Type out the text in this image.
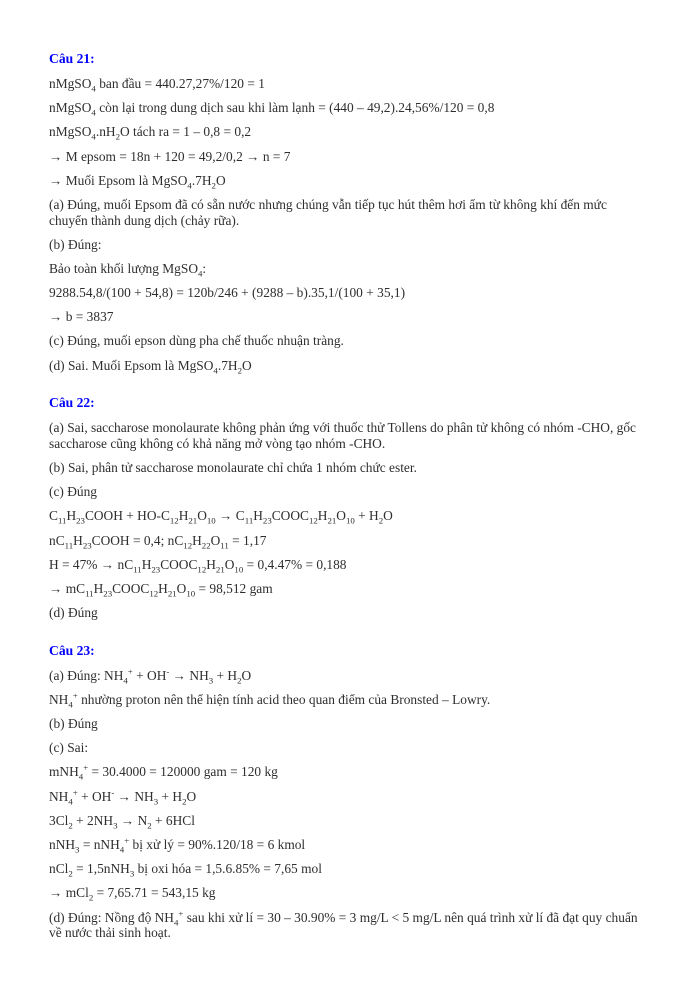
Câu 21:

nMgSO$_4$ ban đầu = 440.27,27%/120 = 1

nMgSO$_4$ còn lại trong dung dịch sau khi làm lạnh = (440 – 49,2).24,56%/120 = 0,8

$nMgSO_4.nH_2O$ tách ra = 1 – 0,8 = 0,2

→ M epsom = 18n + 120 = 49,2/0,2 → n = 7

→ Muối Epsom là $MgSO_4.7H_2O$

(a) Đúng, muối Epsom đã có sẵn nước nhưng chúng vẫn tiếp tục hút thêm hơi ẩm từ không khí đến mức chuyển thành dung dịch (chảy rữa).

(b) Đúng:

Bảo toàn khối lượng MgSO$_4$:

9288.54,8/(100 + 54,8) = 120b/246 + (9288 – b).35,1/(100 + 35,1)

→ b = 3837

(c) Đúng, muối epson dùng pha chế thuốc nhuận tràng.

(d) Sai. Muối Epsom là $MgSO_4.7H_2O$

Câu 22:

(a) Sai, saccharose monolaurate không phản ứng với thuốc thử Tollens do phân tử không có nhóm -CHO, gốc saccharose cũng không có khả năng mở vòng tạo nhóm -CHO.

(b) Sai, phân tử saccharose monolaurate chỉ chứa 1 nhóm chức ester.

(c) Đúng

$C_{11}H_{23}COOH + HO-C_{12}H_{21}O_{10}$ → $C_{11}H_{23}COOC_{12}H_{21}O_{10} + H_2O$

$nC_{11}H_{23}COOH = 0,4$; $nC_{12}H_{22}O_{11} = 1,17$

$H = 47\% \to nC_{11}H_{23}COOC_{12}H_{21}O_{10} = 0,4.47\% = 0,188$

→ $mC_{11}H_{23}COOC_{12}H_{21}O_{10} = 98,512$ gam

(d) Đúng

Câu 23:

(a) Đúng: $NH_4^+ + OH^- \to NH_3 + H_2O$

$NH_4^+$ nhường proton nên thể hiện tính acid theo quan điểm của Bronsted – Lowry.

(b) Đúng

(c) Sai:

mNH$_4$+ = 30.4000 = 120000 gam = 120 kg

$NH_4^+ + OH^- \to NH_3 + H_2O$

$3Cl_2 + 2NH_3 \to N_2 + 6HCl$

nNH$_3$ = nNH$_4$+ bị xử lý = 90%.120/18 = 6 kmol

nCl$_2$ = 1,5nNH$_3$ bị oxi hóa = 1,5.6.85% = 7,65 mol

→ mCl$_2$ = 7,65.71 = 543,15 kg

(d) Đúng: Nồng độ $NH_4^+$ sau khi xử lí = 30 – 30.90% = 3 mg/L < 5 mg/L nên quá trình xử lí đã đạt quy chuẩn về nước thải sinh hoạt.
